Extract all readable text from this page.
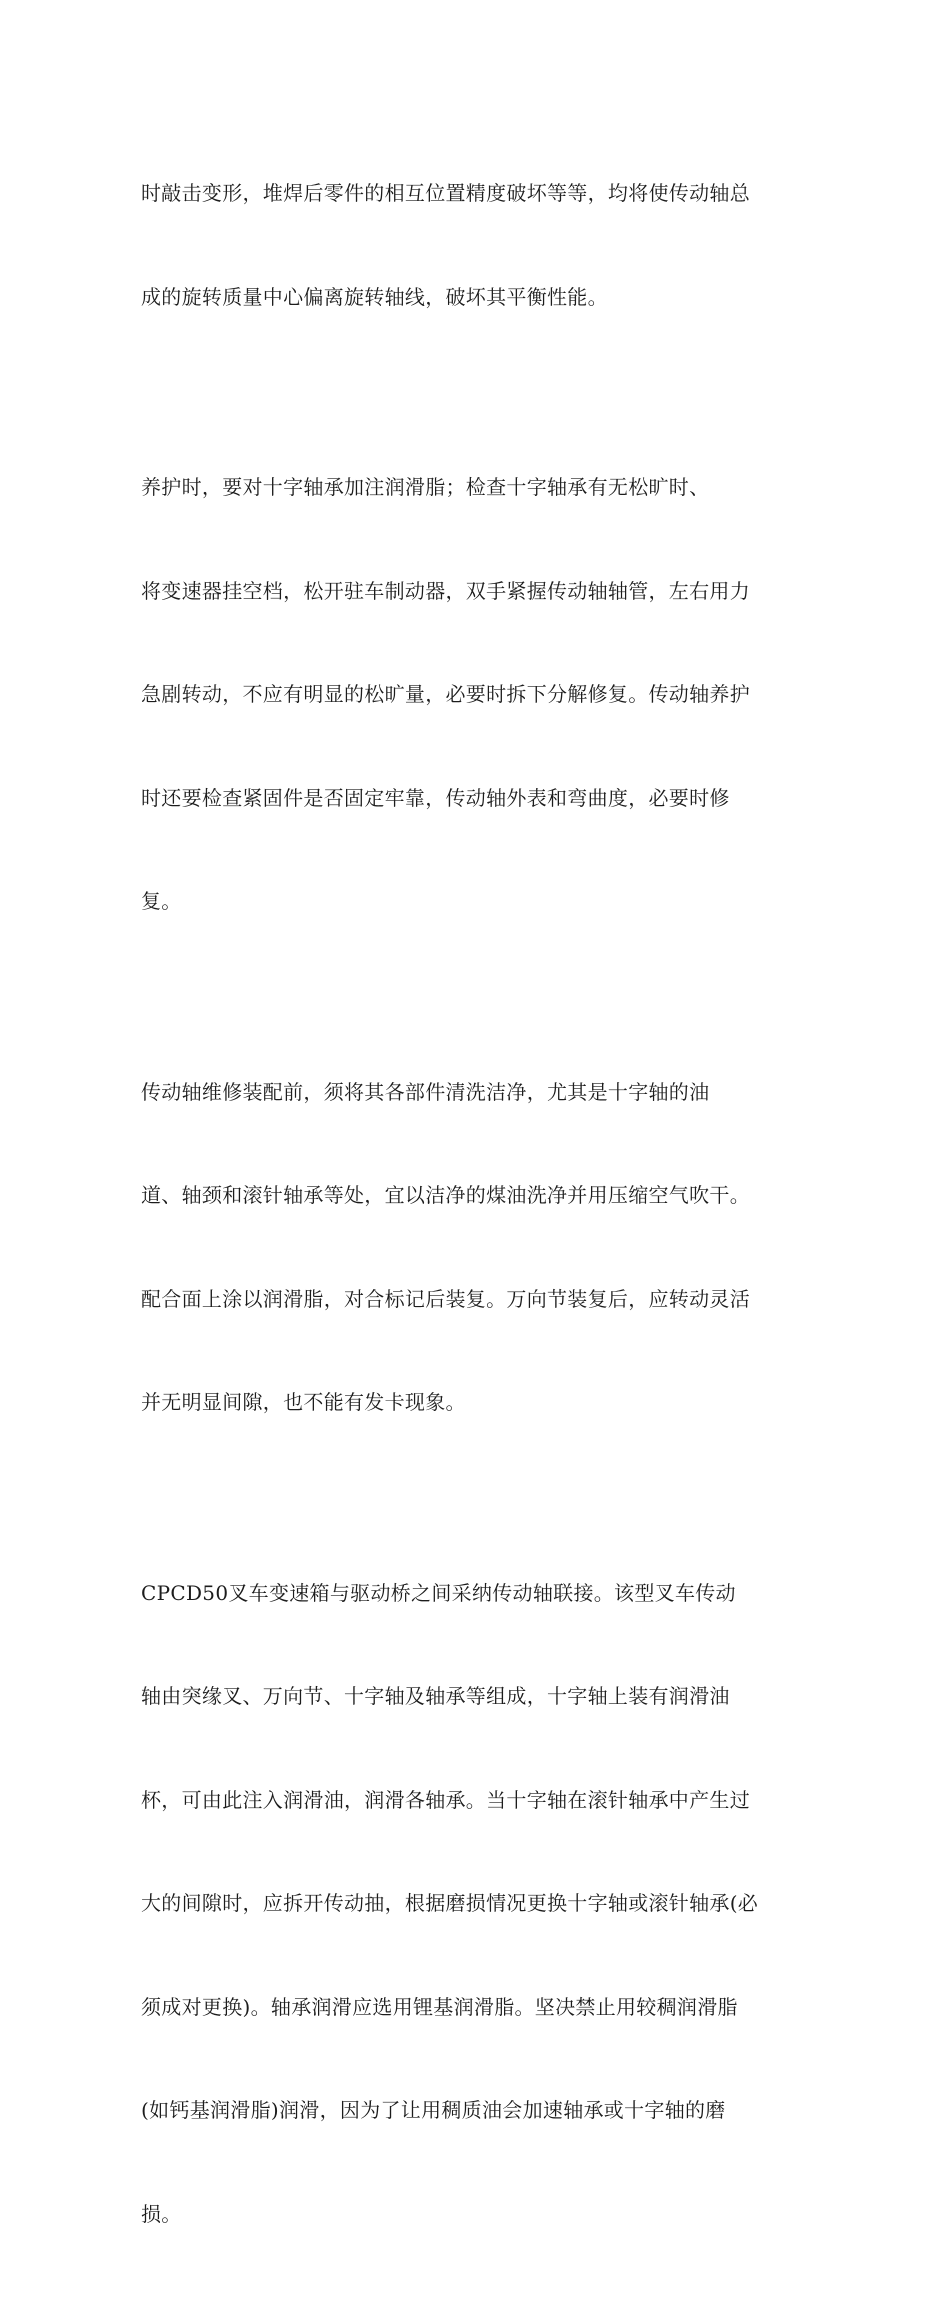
时敲击变形，堆焊后零件的相互位置精度破坏等等，均将使传动轴总

成的旋转质量中心偏离旋转轴线，破坏其平衡性能。

养护时，要对十字轴承加注润滑脂；检查十字轴承有无松旷时、

将变速器挂空档，松开驻车制动器，双手紧握传动轴轴管，左右用力

急剧转动，不应有明显的松旷量，必要时拆下分解修复。传动轴养护

时还要检查紧固件是否固定牢靠，传动轴外表和弯曲度，必要时修

复。

传动轴维修装配前，须将其各部件清洗洁净，尤其是十字轴的油

道、轴颈和滚针轴承等处，宜以洁净的煤油洗净并用压缩空气吹干。

配合面上涂以润滑脂，对合标记后装复。万向节装复后，应转动灵活

并无明显间隙，也不能有发卡现象。

CPCD50叉车变速箱与驱动桥之间采纳传动轴联接。该型叉车传动

轴由突缘叉、万向节、十字轴及轴承等组成，十字轴上装有润滑油

杯，可由此注入润滑油，润滑各轴承。当十字轴在滚针轴承中产生过

大的间隙时，应拆开传动抽，根据磨损情况更换十字轴或滚针轴承(必

须成对更换)。轴承润滑应选用锂基润滑脂。坚决禁止用较稠润滑脂

(如钙基润滑脂)润滑，因为了让用稠质油会加速轴承或十字轴的磨

损。
